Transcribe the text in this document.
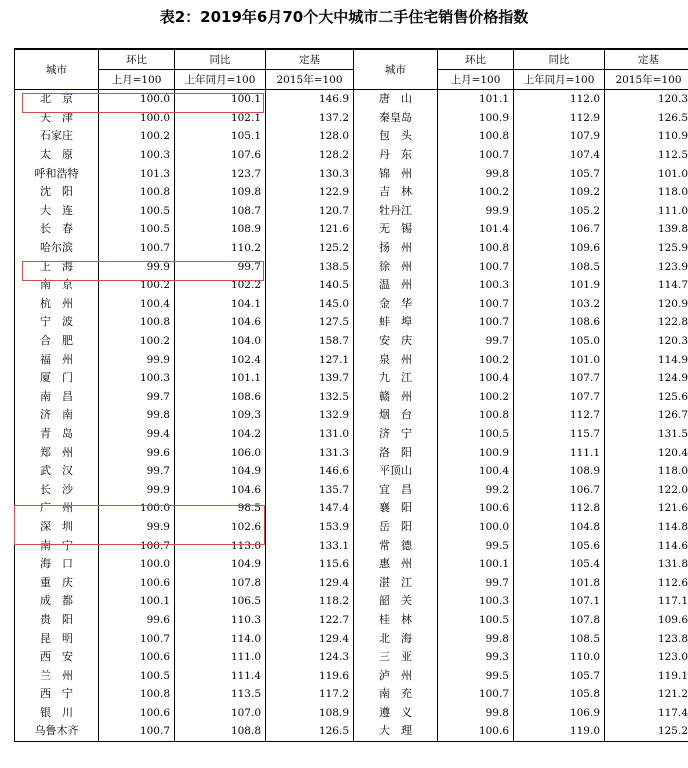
表2：2019年6月70个大中城市二手住宅销售价格指数
城市	环比	同比	定基	城市	环比	同比	定基
	上月=100	上年同月=100	2015年=100		上月=100	上年同月=100	2015年=100
北　京	100.0	100.1	146.9	唐　山	101.1	112.0	120.3
天　津	100.0	102.1	137.2	秦皇岛	100.9	112.9	126.5
石家庄	100.2	105.1	128.0	包　头	100.8	107.9	110.9
太　原	100.3	107.6	128.2	丹　东	100.7	107.4	112.5
呼和浩特	101.3	123.7	130.3	锦　州	99.8	105.7	101.0
沈　阳	100.8	109.8	122.9	吉　林	100.2	109.2	118.0
大　连	100.5	108.7	120.7	牡丹江	99.9	105.2	111.0
长　春	100.5	108.9	121.6	无　锡	101.4	106.7	139.8
哈尔滨	100.7	110.2	125.2	扬　州	100.8	109.6	125.9
上　海	99.9	99.7	138.5	徐　州	100.7	108.5	123.9
南　京	100.2	102.2	140.5	温　州	100.3	101.9	114.7
杭　州	100.4	104.1	145.0	金　华	100.7	103.2	120.9
宁　波	100.8	104.6	127.5	蚌　埠	100.7	108.6	122.8
合　肥	100.2	104.0	158.7	安　庆	99.7	105.0	120.3
福　州	99.9	102.4	127.1	泉　州	100.2	101.0	114.9
厦　门	100.3	101.1	139.7	九　江	100.4	107.7	124.9
南　昌	99.7	108.6	132.5	赣　州	100.2	107.7	125.6
济　南	99.8	109.3	132.9	烟　台	100.8	112.7	126.7
青　岛	99.4	104.2	131.0	济　宁	100.5	115.7	131.5
郑　州	99.6	106.0	131.3	洛　阳	100.9	111.1	120.4
武　汉	99.7	104.9	146.6	平顶山	100.4	108.9	118.0
长　沙	99.9	104.6	135.7	宜　昌	99.2	106.7	122.0
广　州	100.0	98.5	147.4	襄　阳	100.6	112.8	121.6
深　圳	99.9	102.6	153.9	岳　阳	100.0	104.8	114.8
南　宁	100.7	113.0	133.1	常　德	99.5	105.6	114.6
海　口	100.0	104.9	115.6	惠　州	100.1	105.4	131.8
重　庆	100.6	107.8	129.4	湛　江	99.7	101.8	112.6
成　都	100.1	106.5	118.2	韶　关	100.3	107.1	117.1
贵　阳	99.6	110.3	122.7	桂　林	100.5	107.8	109.6
昆　明	100.7	114.0	129.4	北　海	99.8	108.5	123.8
西　安	100.6	111.0	124.3	三　亚	99.3	110.0	123.0
兰　州	100.5	111.4	119.6	泸　州	99.5	105.7	119.1
西　宁	100.8	113.5	117.2	南　充	100.7	105.8	121.2
银　川	100.6	107.0	108.9	遵　义	99.8	106.9	117.4
乌鲁木齐	100.7	108.8	126.5	大　理	100.6	119.0	125.2
